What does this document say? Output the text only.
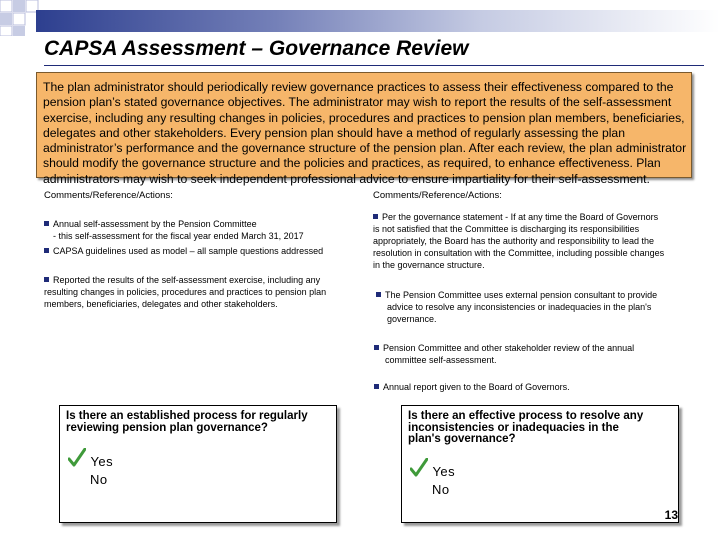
CAPSA Assessment – Governance Review
The plan administrator should periodically review governance practices to assess their effectiveness compared to the
pension plan’s stated governance objectives. The administrator may wish to report the results of the self-assessment
exercise, including any resulting changes in policies, procedures and practices to pension plan members, beneficiaries,
delegates and other stakeholders. Every pension plan should have a method of regularly assessing the plan
administrator’s performance and the governance structure of the pension plan. After each review, the plan administrator
should modify the governance structure and the policies and practices, as required, to enhance effectiveness. Plan
administrators may wish to seek independent professional advice to ensure impartiality for their self-assessment.
Comments/Reference/Actions:
Annual self-assessment by the Pension Committee
- this self-assessment for the fiscal year ended March 31, 2017
CAPSA guidelines used as model – all sample questions addressed
Reported the results of the self-assessment exercise, including any
resulting changes in policies, procedures and practices to pension plan
members, beneficiaries, delegates and other stakeholders.
Is there an established process for regularly
reviewing pension plan governance?
Yes
No
Comments/Reference/Actions:
Per the governance statement - If at any time the Board of Governors
is not satisfied that the Committee is discharging its responsibilities
appropriately, the Board has the authority and responsibility to lead the
resolution in consultation with the Committee, including possible changes
in the governance structure.
The Pension Committee uses external pension consultant to provide
advice to resolve any inconsistencies or inadequacies in the plan's
governance.
Pension Committee and other stakeholder review of the annual
committee self-assessment.
Annual report given to the Board of Governors.
Is there an effective process to resolve any
inconsistencies or inadequacies in the
plan's governance?
Yes
No
13
